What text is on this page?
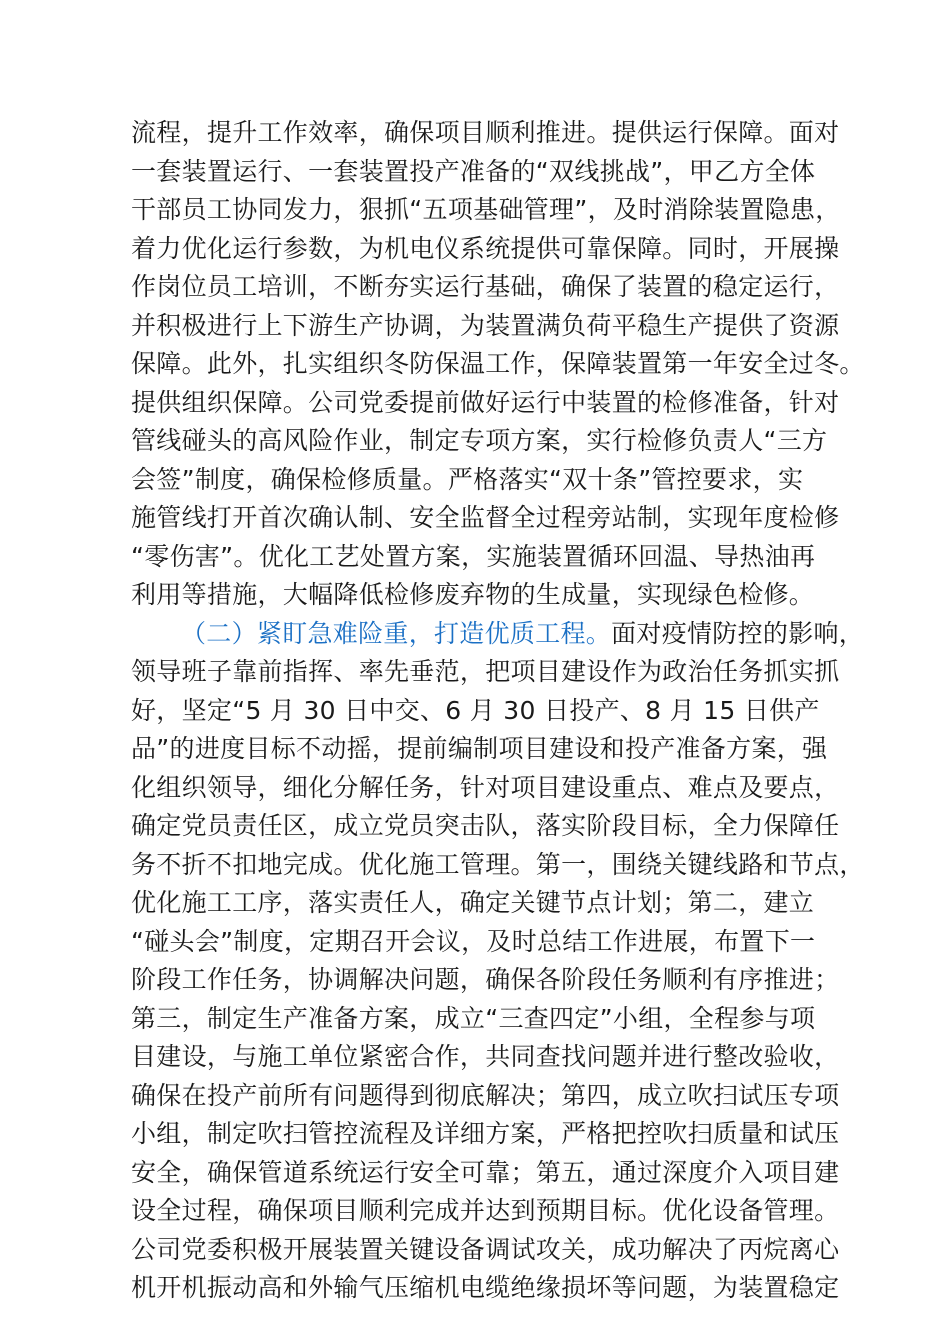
流程，提升工作效率，确保项目顺利推进。提供运行保障。面对
一套装置运行、一套装置投产准备的“双线挑战”，甲乙方全体
干部员工协同发力，狠抓“五项基础管理”，及时消除装置隐患，
着力优化运行参数，为机电仪系统提供可靠保障。同时，开展操
作岗位员工培训，不断夯实运行基础，确保了装置的稳定运行，
并积极进行上下游生产协调，为装置满负荷平稳生产提供了资源
保障。此外，扎实组织冬防保温工作，保障装置第一年安全过冬。
提供组织保障。公司党委提前做好运行中装置的检修准备，针对
管线碰头的高风险作业，制定专项方案，实行检修负责人“三方
会签”制度，确保检修质量。严格落实“双十条”管控要求，实
施管线打开首次确认制、安全监督全过程旁站制，实现年度检修
“零伤害”。优化工艺处置方案，实施装置循环回温、导热油再
利用等措施，大幅降低检修废弃物的生成量，实现绿色检修。
（二）紧盯急难险重，打造优质工程。面对疫情防控的影响，
领导班子靠前指挥、率先垂范，把项目建设作为政治任务抓实抓
好，坚定“5 月 30 日中交、6 月 30 日投产、8 月 15 日供产
品”的进度目标不动摇，提前编制项目建设和投产准备方案，强
化组织领导，细化分解任务，针对项目建设重点、难点及要点，
确定党员责任区，成立党员突击队，落实阶段目标，全力保障任
务不折不扣地完成。优化施工管理。第一，围绕关键线路和节点，
优化施工工序，落实责任人，确定关键节点计划；第二，建立
“碰头会”制度，定期召开会议，及时总结工作进展，布置下一
阶段工作任务，协调解决问题，确保各阶段任务顺利有序推进；
第三，制定生产准备方案，成立“三查四定”小组，全程参与项
目建设，与施工单位紧密合作，共同查找问题并进行整改验收，
确保在投产前所有问题得到彻底解决；第四，成立吹扫试压专项
小组，制定吹扫管控流程及详细方案，严格把控吹扫质量和试压
安全，确保管道系统运行安全可靠；第五，通过深度介入项目建
设全过程，确保项目顺利完成并达到预期目标。优化设备管理。
公司党委积极开展装置关键设备调试攻关，成功解决了丙烷离心
机开机振动高和外输气压缩机电缆绝缘损坏等问题，为装置稳定
